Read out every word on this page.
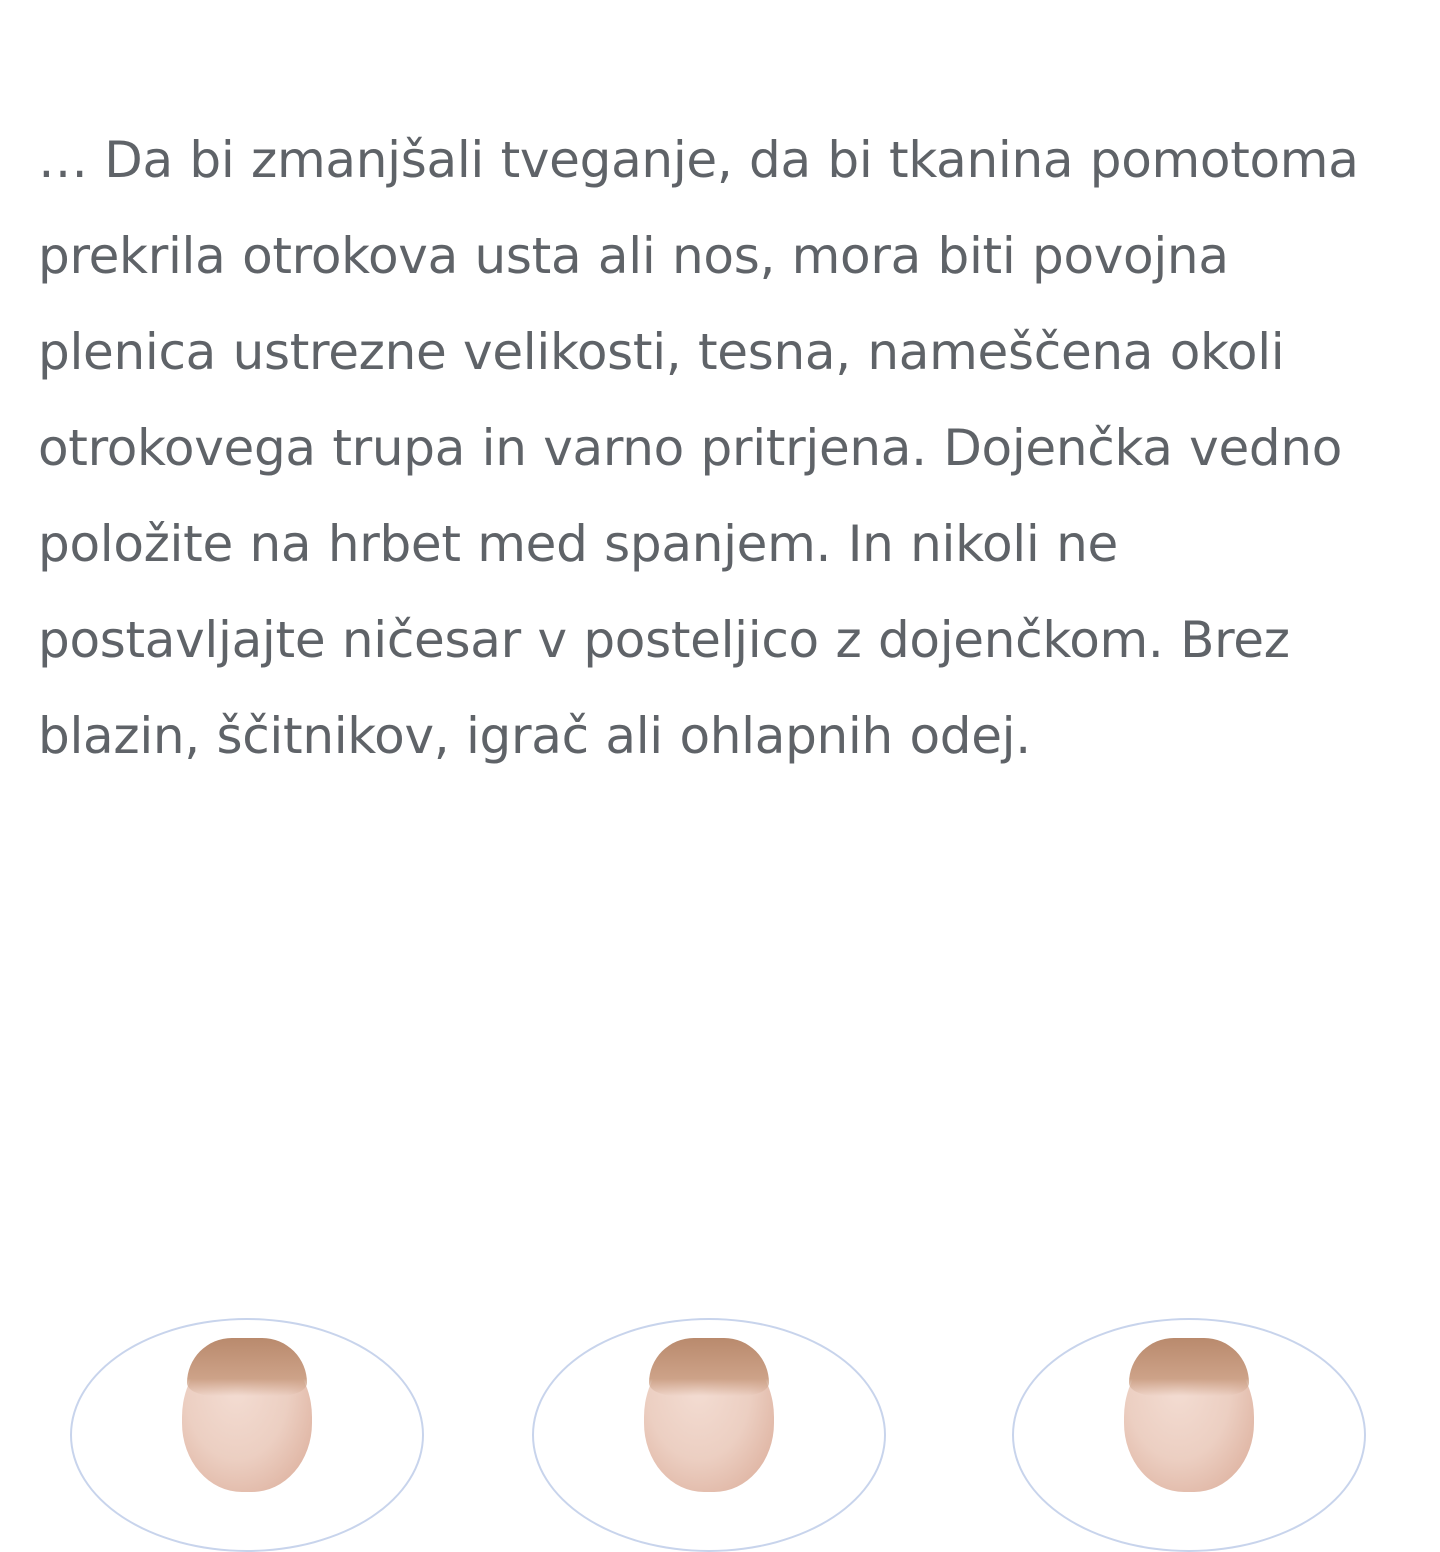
… Da bi zmanjšali tveganje, da bi tkanina pomotoma prekrila otrokova usta ali nos, mora biti povojna plenica ustrezne velikosti, tesna, nameščena okoli otrokovega trupa in varno pritrjena. Dojenčka vedno položite na hrbet med spanjem. In nikoli ne postavljajte ničesar v posteljico z dojenčkom. Brez blazin, ščitnikov, igrač ali ohlapnih odej.
